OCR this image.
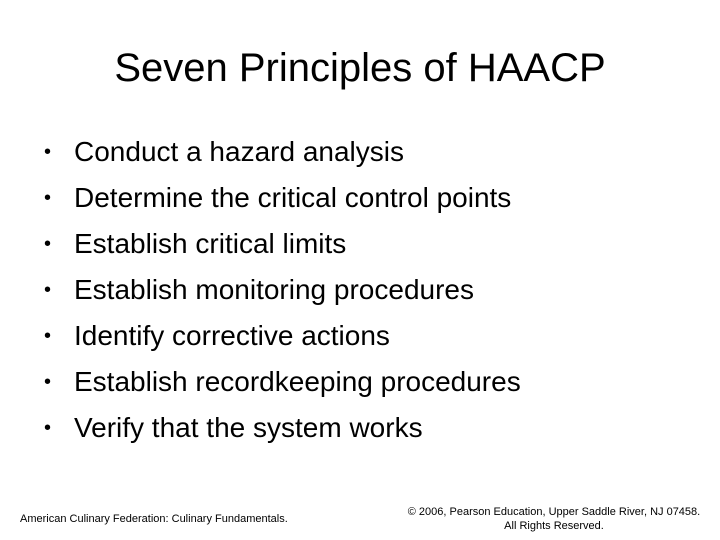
Seven Principles of HAACP
• Conduct a hazard analysis
• Determine the critical control points
• Establish critical limits
• Establish monitoring procedures
• Identify corrective actions
• Establish recordkeeping procedures
• Verify that the system works
American Culinary Federation: Culinary Fundamentals.
© 2006, Pearson Education, Upper Saddle River, NJ 07458.
All Rights Reserved.
